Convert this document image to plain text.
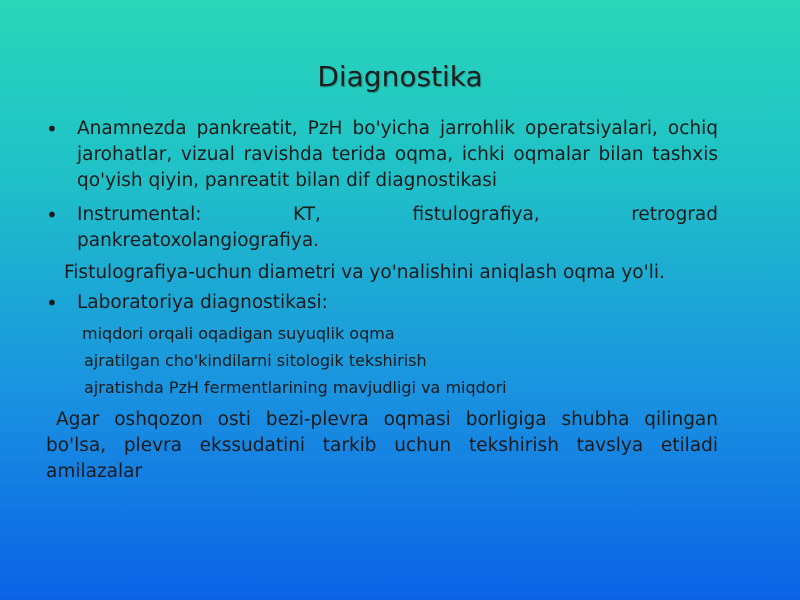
Diagnostika
•	Anamnezda pankreatit, PzH bo'yicha jarrohlik operatsiyalari, ochiq jarohatlar, vizual ravishda terida oqma, ichki oqmalar bilan tashxis qo'yish qiyin, panreatit bilan dif diagnostikasi
•	Instrumental: KT, fistulografiya, retrograd
pankreatoxolangiografiya.
Fistulografiya-uchun diametri va yo'nalishini aniqlash oqma yo'li.
•	Laboratoriya diagnostikasi:
miqdori orqali oqadigan suyuqlik oqma
ajratilgan cho'kindilarni sitologik tekshirish
ajratishda PzH fermentlarining mavjudligi va miqdori
Agar oshqozon osti bezi-plevra oqmasi borligiga shubha qilingan bo'lsa, plevra ekssudatini tarkib uchun tekshirish tavslya etiladi amilazalar
